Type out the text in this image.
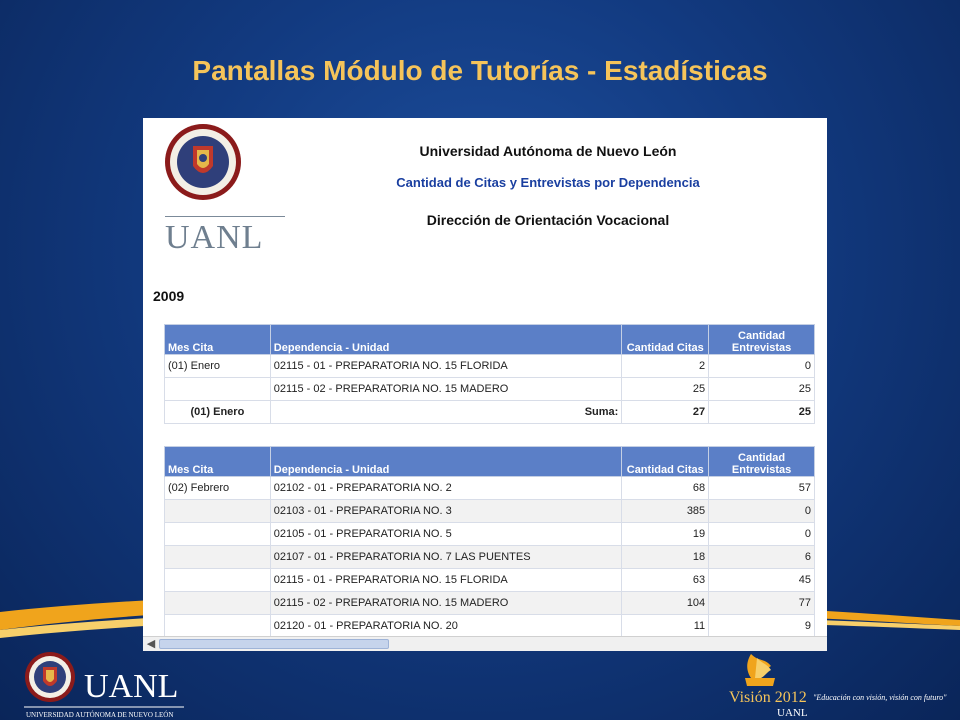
Pantallas Módulo de Tutorías - Estadísticas
UANL
Universidad Autónoma de Nuevo León
Cantidad de Citas y Entrevistas por Dependencia
Dirección de Orientación Vocacional
2009
Mes Cita	Dependencia - Unidad	Cantidad Citas	Cantidad Entrevistas
(01) Enero	02115 - 01 - PREPARATORIA NO. 15 FLORIDA	2	0
	02115 - 02 - PREPARATORIA NO. 15 MADERO	25	25
(01) Enero	Suma:	27	25
Mes Cita	Dependencia - Unidad	Cantidad Citas	Cantidad Entrevistas
(02) Febrero	02102 - 01 - PREPARATORIA NO. 2	68	57
	02103 - 01 - PREPARATORIA NO. 3	385	0
	02105 - 01 - PREPARATORIA NO. 5	19	0
	02107 - 01 - PREPARATORIA NO. 7 LAS PUENTES	18	6
	02115 - 01 - PREPARATORIA NO. 15 FLORIDA	63	45
	02115 - 02 - PREPARATORIA NO. 15 MADERO	104	77
	02120 - 01 - PREPARATORIA NO. 20	11	9
◀
UANL
UNIVERSIDAD AUTÓNOMA DE NUEVO LEÓN
Visión 2012 "Educación con visión, visión con futuro"
UANL
